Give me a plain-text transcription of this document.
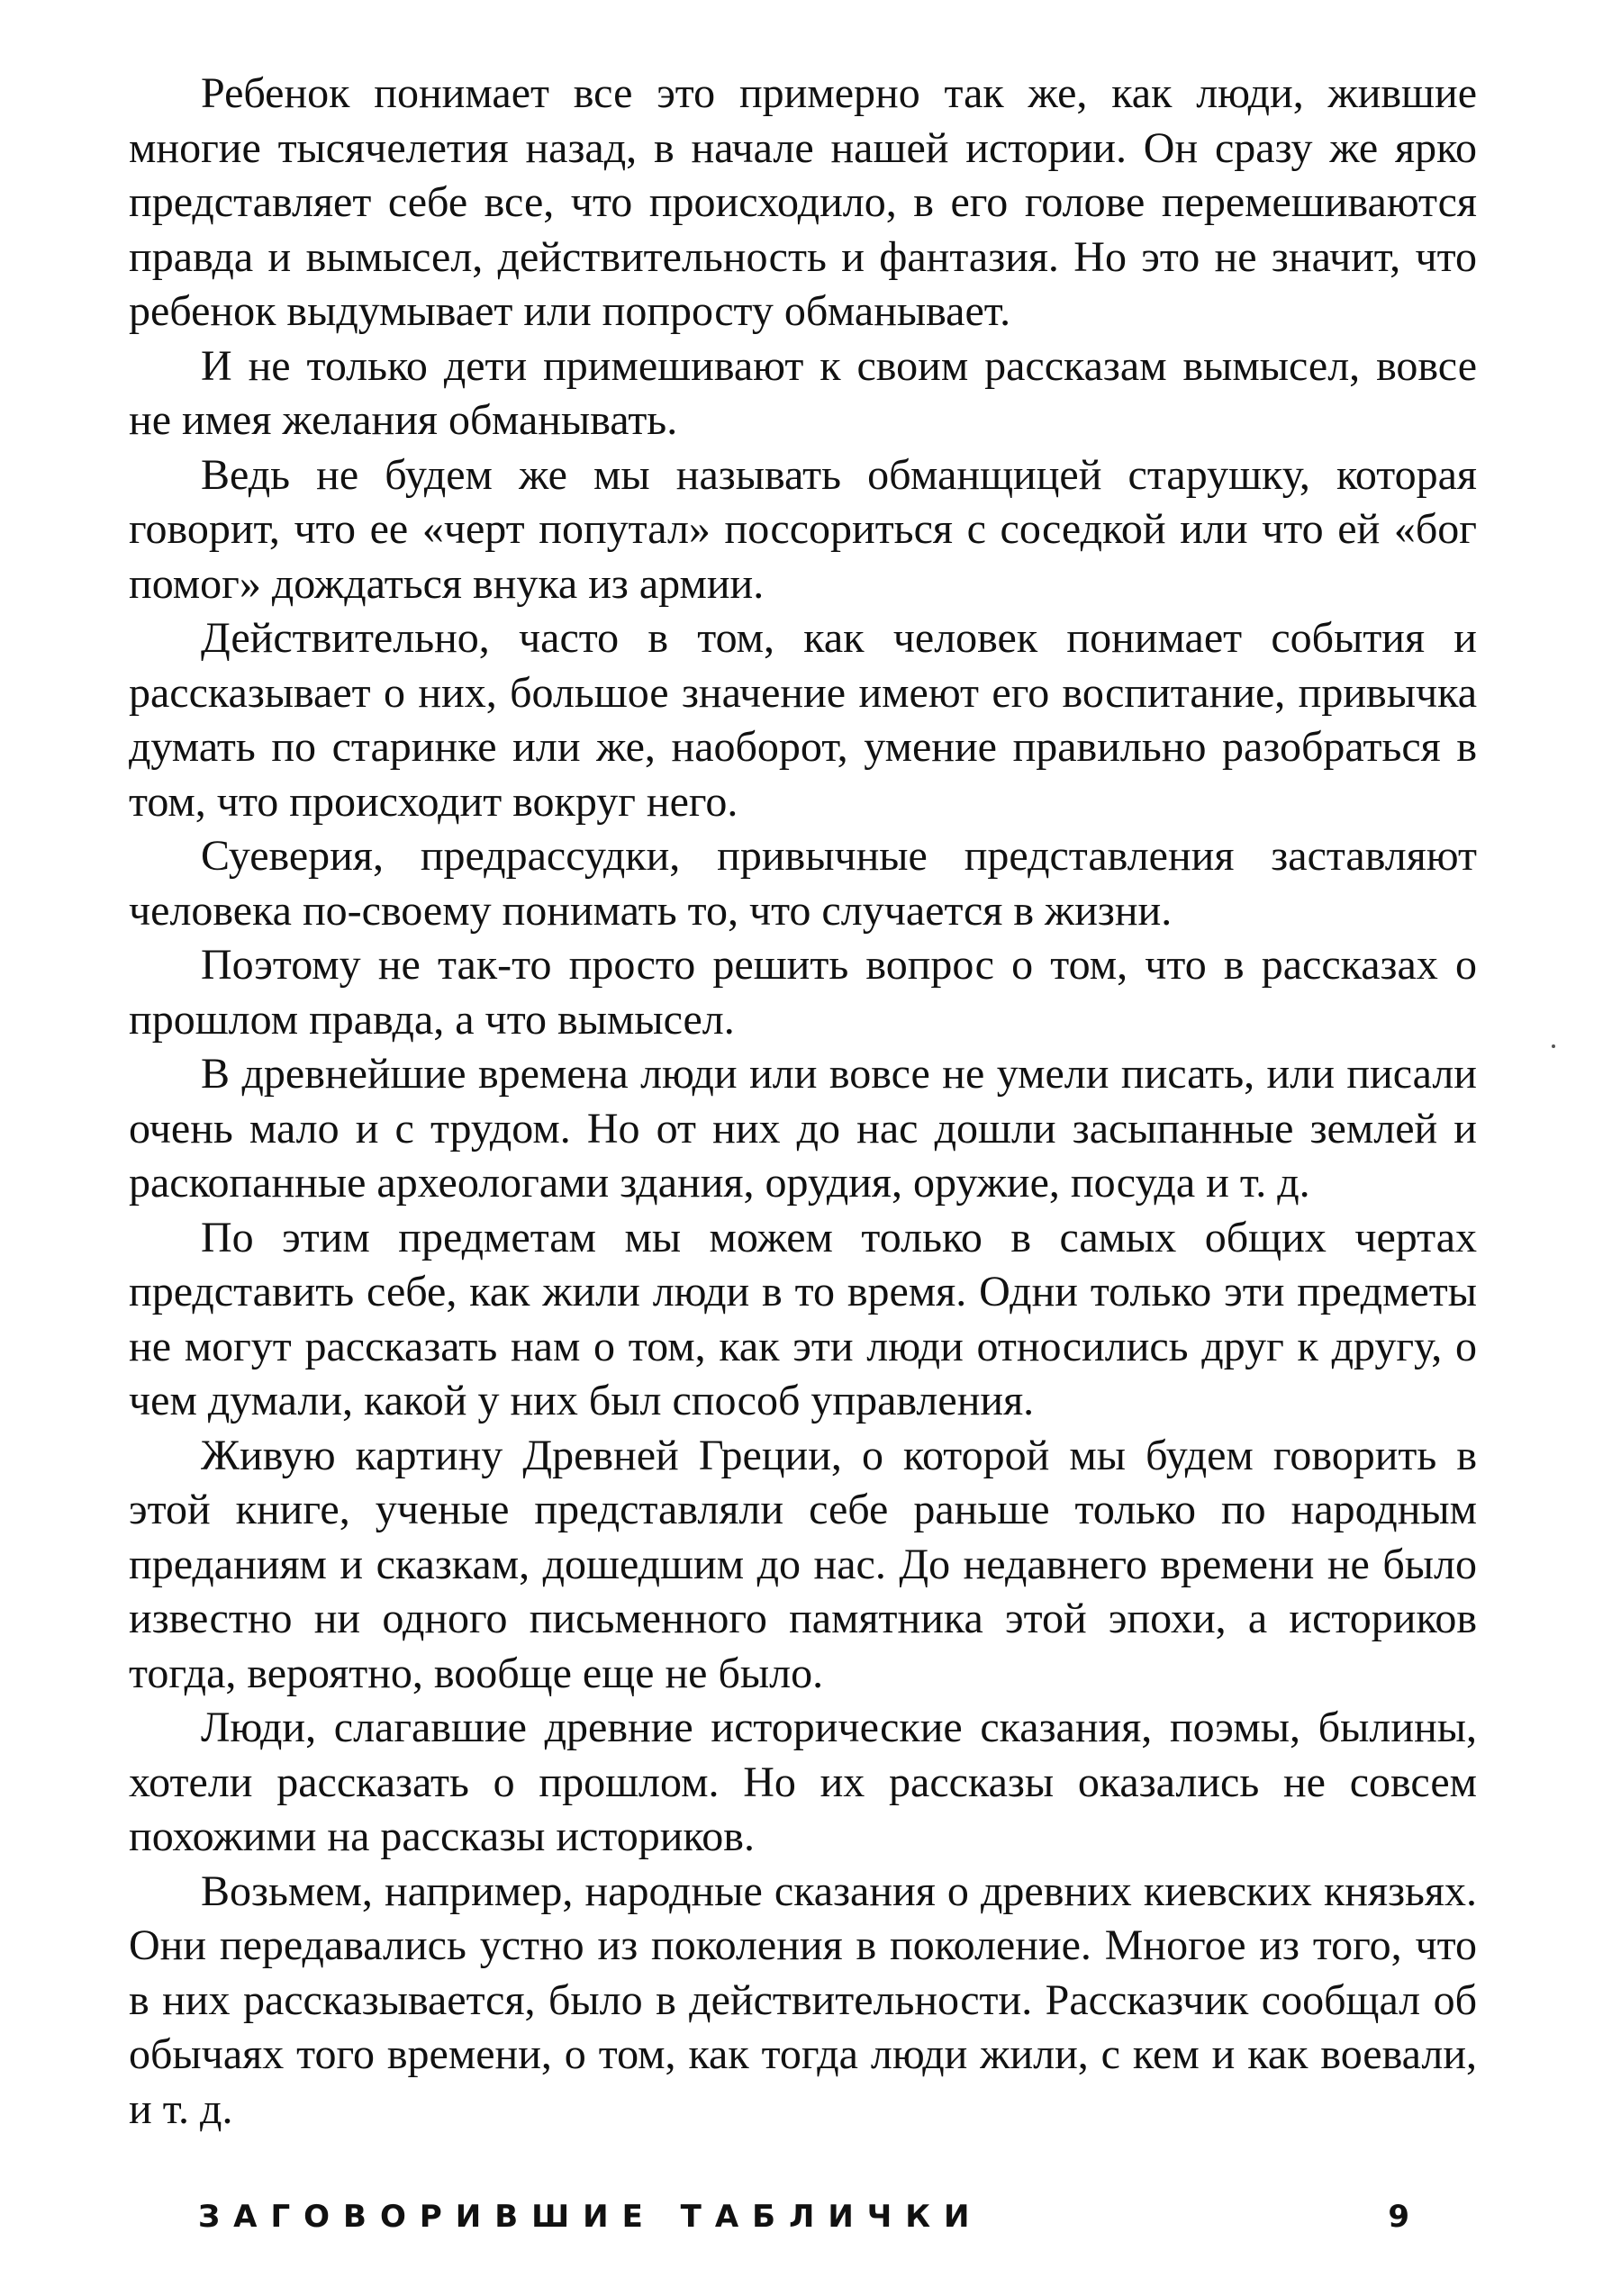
Ребенок понимает все это примерно так же, как люди, жившие многие тысячелетия назад, в начале нашей истории. Он сразу же ярко представляет себе все, что происходило, в его голове перемешиваются правда и вымысел, действительность и фантазия. Но это не значит, что ребенок выдумывает или попросту обманывает.

И не только дети примешивают к своим рассказам вымысел, вовсе не имея желания обманывать.

Ведь не будем же мы называть обманщицей старушку, которая говорит, что ее «черт попутал» поссориться с соседкой или что ей «бог помог» дождаться внука из армии.

Действительно, часто в том, как человек понимает события и рассказывает о них, большое значение имеют его воспитание, привычка думать по старинке или же, наоборот, умение правильно разобраться в том, что происходит вокруг него.

Суеверия, предрассудки, привычные представления заставляют человека по-своему понимать то, что случается в жизни.

Поэтому не так-то просто решить вопрос о том, что в рассказах о прошлом правда, а что вымысел.

В древнейшие времена люди или вовсе не умели писать, или писали очень мало и с трудом. Но от них до нас дошли засыпанные землей и раскопанные археологами здания, орудия, оружие, посуда и т. д.

По этим предметам мы можем только в самых общих чертах представить себе, как жили люди в то время. Одни только эти предметы не могут рассказать нам о том, как эти люди относились друг к другу, о чем думали, какой у них был способ управления.

Живую картину Древней Греции, о которой мы будем говорить в этой книге, ученые представляли себе раньше только по народным преданиям и сказкам, дошедшим до нас. До недавнего времени не было известно ни одного письменного памятника этой эпохи, а историков тогда, вероятно, вообще еще не было.

Люди, слагавшие древние исторические сказания, поэмы, былины, хотели рассказать о прошлом. Но их рассказы оказались не совсем похожими на рассказы историков.

Возьмем, например, народные сказания о древних киевских князьях. Они передавались устно из поколения в поколение. Многое из того, что в них рассказывается, было в действительности. Рассказчик сообщал об обычаях того времени, о том, как тогда люди жили, с кем и как воевали, и т. д.

ЗАГОВОРИВШИЕ ТАБЛИЧКИ	9
